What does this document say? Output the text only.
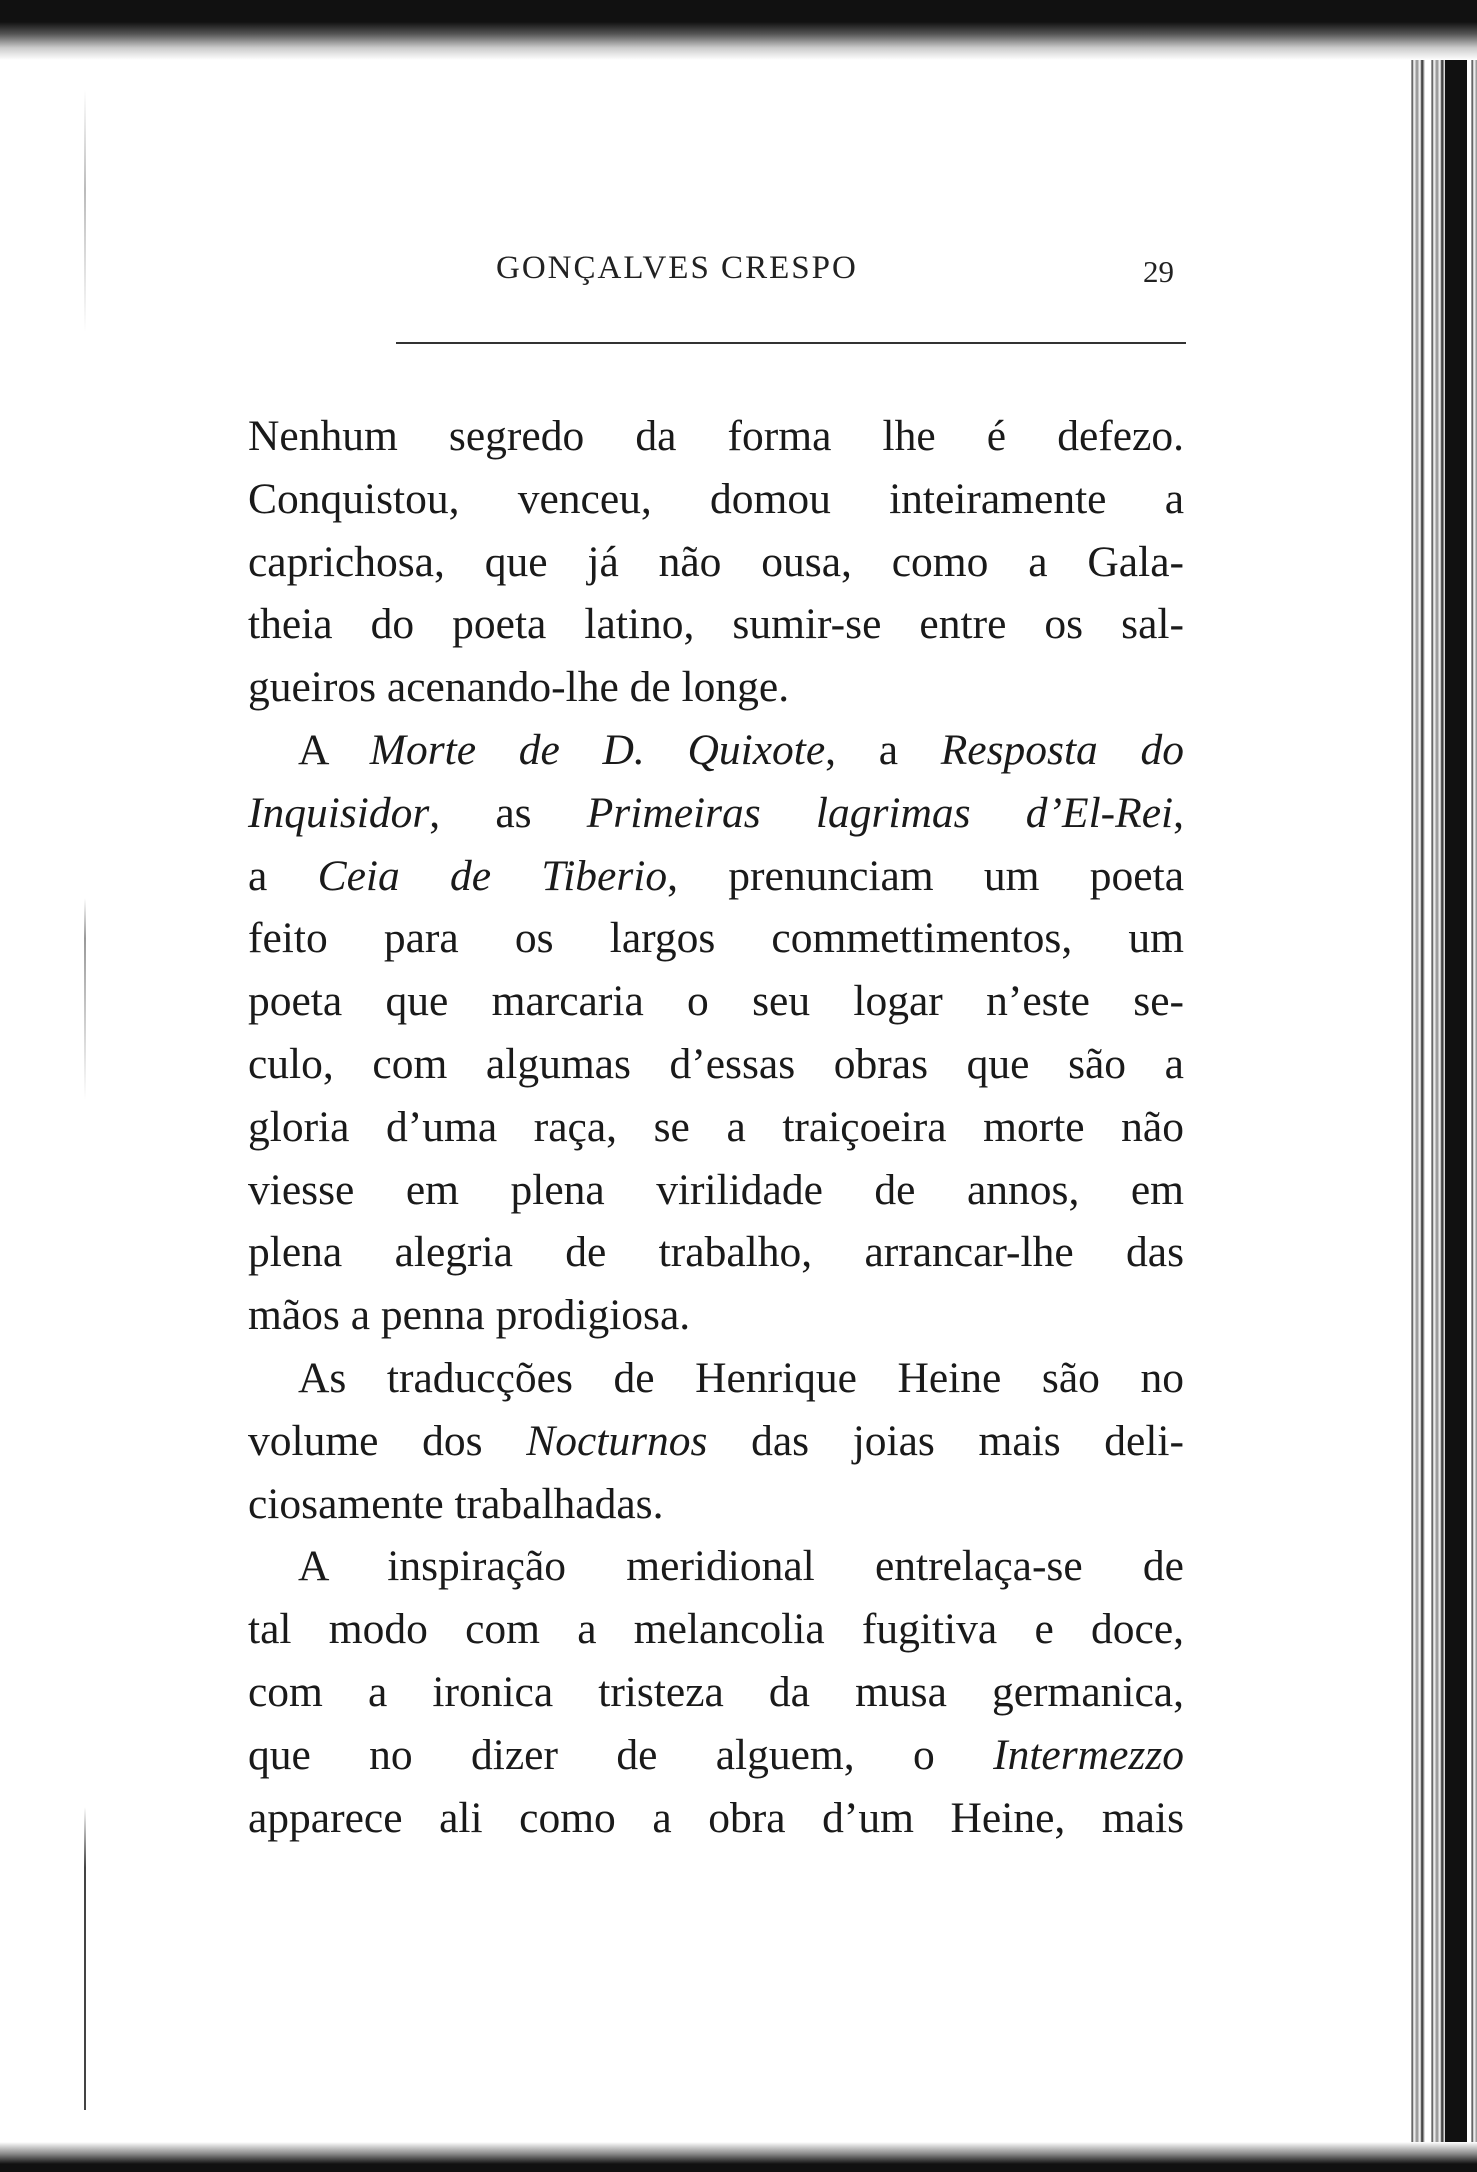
GONÇALVES CRESPO	29
Nenhum segredo da forma lhe é defezo.
Conquistou, venceu, domou inteiramente a
caprichosa, que já não ousa, como a Gala-
theia do poeta latino, sumir-se entre os sal-
gueiros acenando-lhe de longe.
A Morte de D. Quixote, a Resposta do
Inquisidor, as Primeiras lagrimas d’El-Rei,
a Ceia de Tiberio, prenunciam um poeta
feito para os largos commettimentos, um
poeta que marcaria o seu logar n’este se-
culo, com algumas d’essas obras que são a
gloria d’uma raça, se a traiçoeira morte não
viesse em plena virilidade de annos, em
plena alegria de trabalho, arrancar-lhe das
mãos a penna prodigiosa.
As traducções de Henrique Heine são no
volume dos Nocturnos das joias mais deli-
ciosamente trabalhadas.
A inspiração meridional entrelaça-se de
tal modo com a melancolia fugitiva e doce,
com a ironica tristeza da musa germanica,
que no dizer de alguem, o Intermezzo
apparece ali como a obra d’um Heine, mais
